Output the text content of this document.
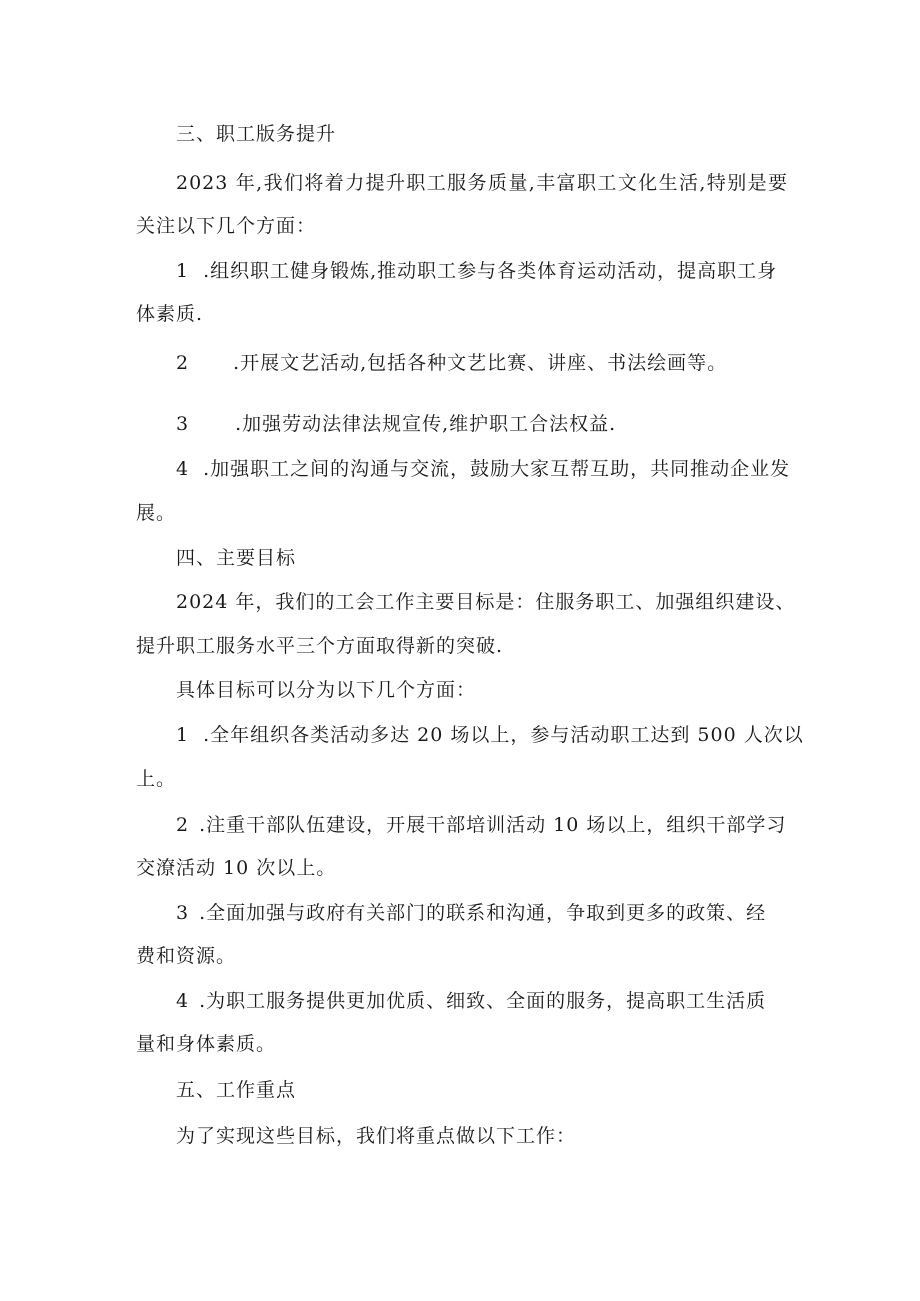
三、职工版务提升
2023 年,我们将着力提升职工服务质量,丰富职工文化生活,特别是要
关注以下几个方面：
1 .组织职工健身锻炼,推动职工参与各类体育运动活动，提高职工身
体素质.
2 .开展文艺活动,包括各种文艺比赛、讲座、书法绘画等。
3 .加强劳动法律法规宣传,维护职工合法权益.
4 .加强职工之间的沟通与交流，鼓励大家互帮互助，共同推动企业发
展。
四、主要目标
2024 年，我们的工会工作主要目标是：住服务职工、加强组织建设、
提升职工服务水平三个方面取得新的突破.
具体目标可以分为以下几个方面：
1 .全年组织各类活动多达 20 场以上，参与活动职工达到 500 人次以
上。
2 .注重干部队伍建设，开展干部培训活动 10 场以上，组织干部学习
交潦活动 10 次以上。
3 .全面加强与政府有关部门的联系和沟通，争取到更多的政策、经
费和资源。
4 .为职工服务提供更加优质、细致、全面的服务，提高职工生活质
量和身体素质。
五、工作重点
为了实现这些目标，我们将重点做以下工作：
